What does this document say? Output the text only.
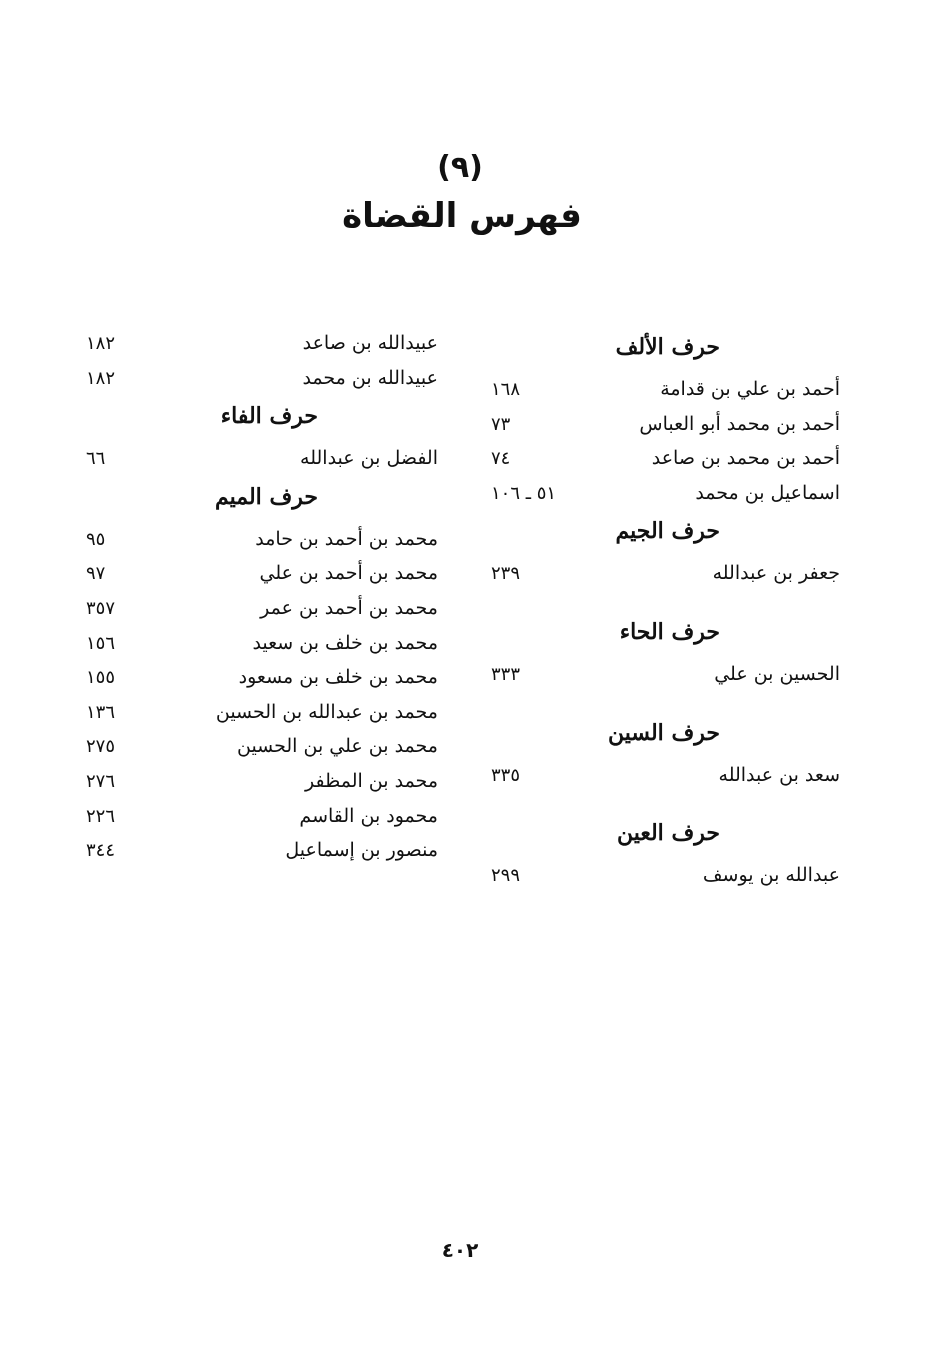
(٩)
فهرس القضاة
حرف الألف
أحمد بن علي بن قدامة
١٦٨
أحمد بن محمد أبو العباس
٧٣
أحمد بن محمد بن صاعد
٧٤
اسماعيل بن محمد
٥١ ـ ١٠٦
حرف الجيم
جعفر بن عبدالله
٢٣٩
حرف الحاء
الحسين بن علي
٣٣٣
حرف السين
سعد بن عبدالله
٣٣٥
حرف العين
عبدالله بن يوسف
٢٩٩
عبيدالله بن صاعد
١٨٢
عبيدالله بن محمد
١٨٢
حرف الفاء
الفضل بن عبدالله
٦٦
حرف الميم
محمد بن أحمد بن حامد
٩٥
محمد بن أحمد بن علي
٩٧
محمد بن أحمد بن عمر
٣٥٧
محمد بن خلف بن سعيد
١٥٦
محمد بن خلف بن مسعود
١٥٥
محمد بن عبدالله بن الحسين
١٣٦
محمد بن علي بن الحسين
٢٧٥
محمد بن المظفر
٢٧٦
محمود بن القاسم
٢٢٦
منصور بن إسماعيل
٣٤٤
٤٠٢
